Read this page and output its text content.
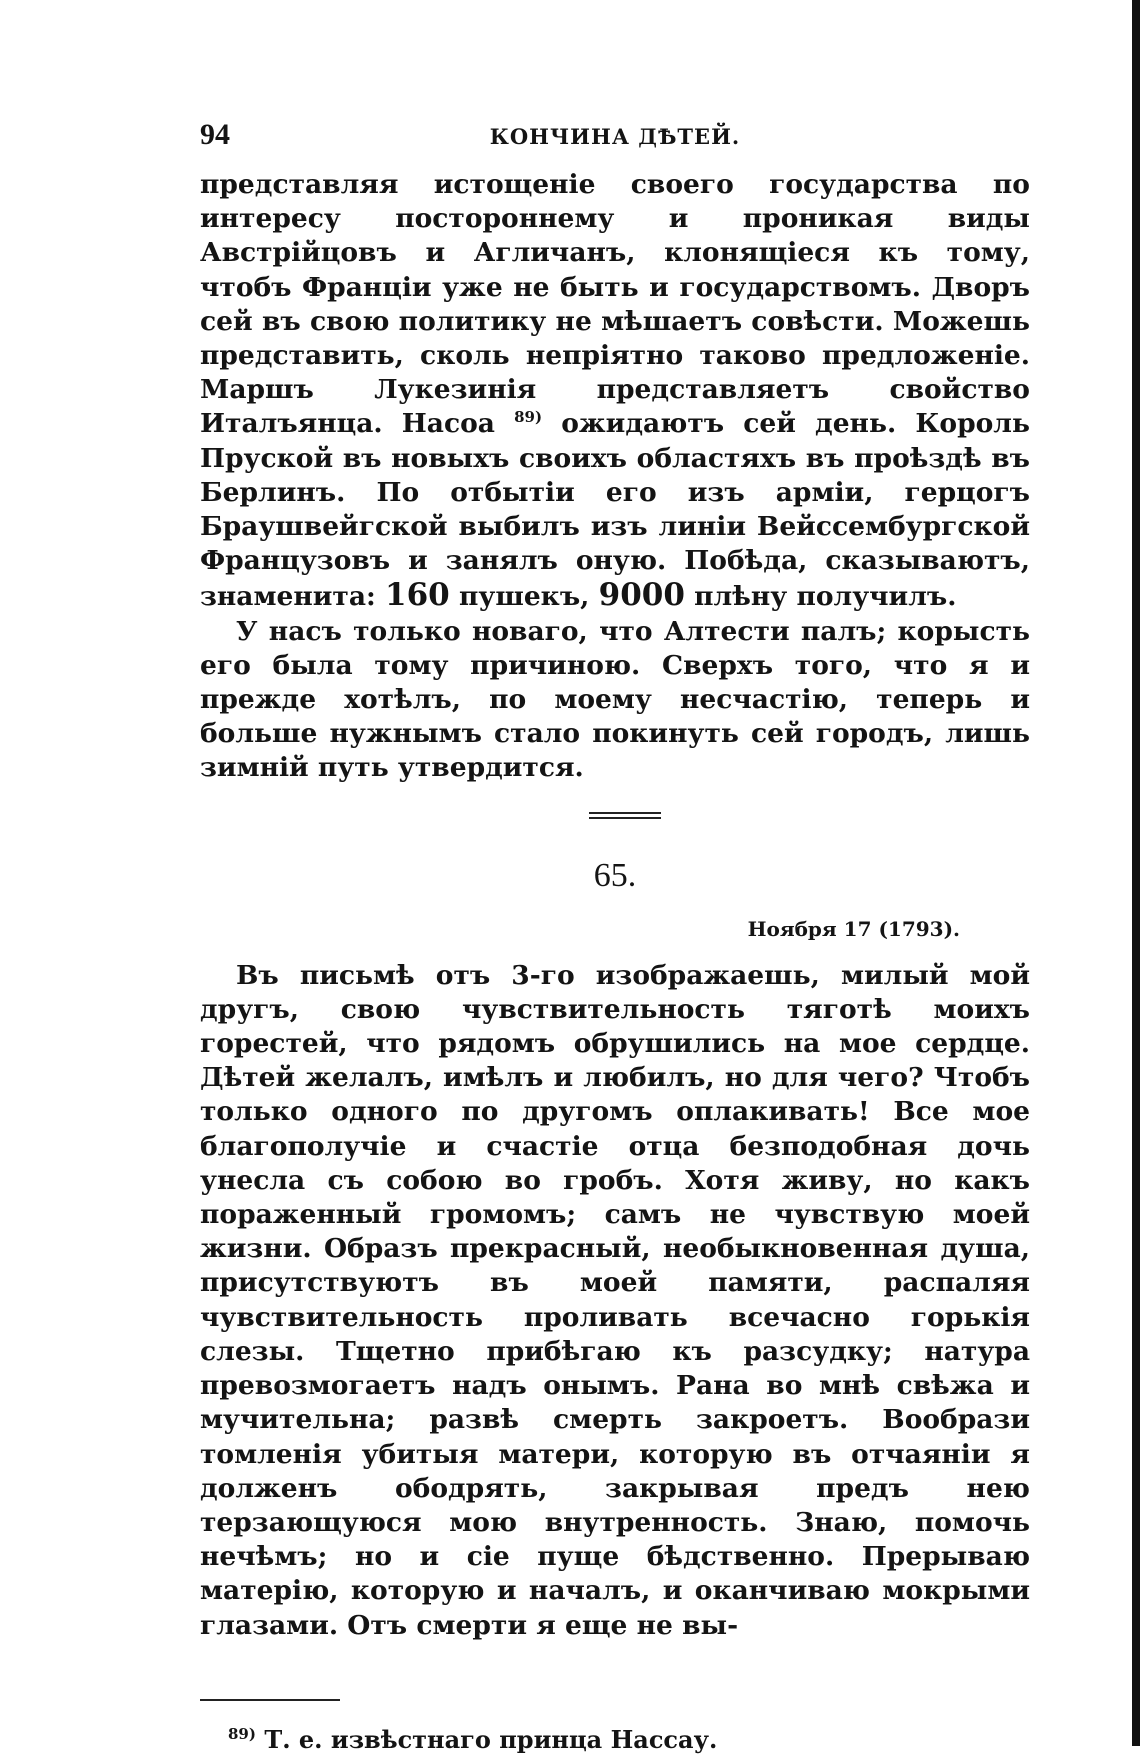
94	КОНЧИНА ДѢТЕЙ.
представляя истощеніе своего государства по интересу постороннему и проникая виды Австрійцовъ и Агличанъ, клонящіеся къ тому, чтобъ Франціи уже не быть и государствомъ. Дворъ сей въ свою политику не мѣшаетъ совѣсти. Можешь представить, сколь непріятно таково предложеніе. Маршъ Лукезинія представляетъ свойство Италъянца. Насоа $^{89)}$ ожидаютъ сей день. Король Пруской въ новыхъ своихъ областяхъ въ проѣздѣ въ Берлинъ. По отбытіи его изъ арміи, герцогъ Браушвейгской выбилъ изъ линіи Вейссембургской Французовъ и занялъ оную. Побѣда, сказываютъ, знаменита: 160 пушекъ, 9000 плѣну получилъ.
У насъ только новаго, что Алтести палъ; корысть его была тому причиною. Сверхъ того, что я и прежде хотѣлъ, по моему несчастію, теперь и больше нужнымъ стало покинуть сей городъ, лишь зимній путь утвердится.
65.
Ноября 17 (1793).
Въ письмѣ отъ 3-го изображаешь, милый мой другъ, свою чувствительность тяготѣ моихъ горестей, что рядомъ обрушились на мое сердце. Дѣтей желалъ, имѣлъ и любилъ, но для чего? Чтобъ только одного по другомъ оплакивать! Все мое благополучіе и счастіе отца безподобная дочь унесла съ собою во гробъ. Хотя живу, но какъ пораженный громомъ; самъ не чувствую моей жизни. Образъ прекрасный, необыкновенная душа, присутствуютъ въ моей памяти, распаляя чувствительность проливать всечасно горькія слезы. Тщетно прибѣгаю къ разсудку; натура превозмогаетъ надъ онымъ. Рана во мнѣ свѣжа и мучительна; развѣ смерть закроетъ. Вообрази томленія убитыя матери, которую въ отчаяніи я долженъ ободрять, закрывая предъ нею терзающуюся мою внутренность. Знаю, помочь нечѣмъ; но и сіе пуще бѣдственно. Прерываю матерію, которую и началъ, и оканчиваю мокрыми глазами. Отъ смерти я еще не вы-
$^{89)}$ Т. е. извѣстнаго принца Нассау.
